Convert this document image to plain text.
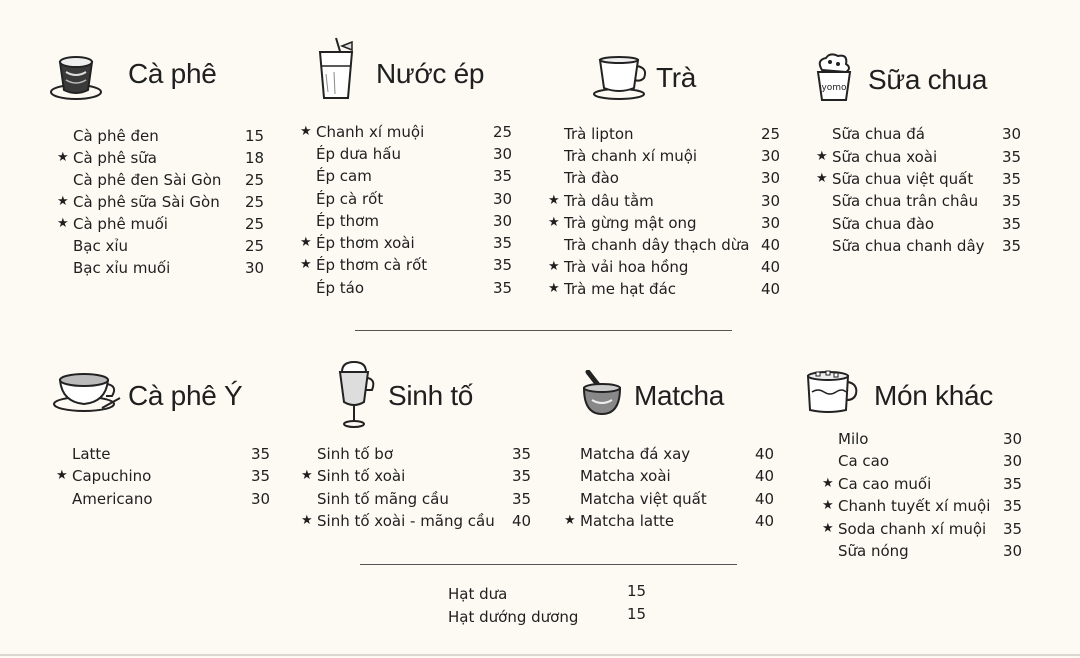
Cà phê
Cà phê đen	15
★ Cà phê sữa	18
Cà phê đen Sài Gòn 25
★ Cà phê sữa Sài Gòn 25
★ Cà phê muối	25
Bạc xỉu	25
Bạc xỉu muối	30
Nước ép
★ Chanh xí muội	25
Ép dưa hấu	30
Ép cam	35
Ép cà rốt	30
Ép thơm	30
★ Ép thơm xoài	35
★ Ép thơm cà rốt	35
Ép táo	35
Trà
Trà lipton	25
Trà chanh xí muội	30
Trà đào	30
★ Trà dâu tằm	30
★ Trà gừng mật ong	30
Trà chanh dây thạch dừa 40
★ Trà vải hoa hồng	40
★ Trà me hạt đác	40
yomo Sữa chua
Sữa chua đá	30
★ Sữa chua xoài	35
★ Sữa chua việt quất 35
Sữa chua trân châu 35
Sữa chua đào	35
Sữa chua chanh dây 35
Cà phê Ý
Latte	35
★ Capuchino	35
Americano	30
Sinh tố
Sinh tố bơ	35
★ Sinh tố xoài	35
Sinh tố mãng cầu	35
★ Sinh tố xoài - mãng cầu 40
Matcha
Matcha đá xay	40
Matcha xoài	40
Matcha việt quất	40
★ Matcha latte	40
Món khác
Milo	30
Ca cao	30
★ Ca cao muối	35
★ Chanh tuyết xí muội 35
★ Soda chanh xí muội 35
Sữa nóng	30
Hạt dưa	15
Hạt dướng dương	15
